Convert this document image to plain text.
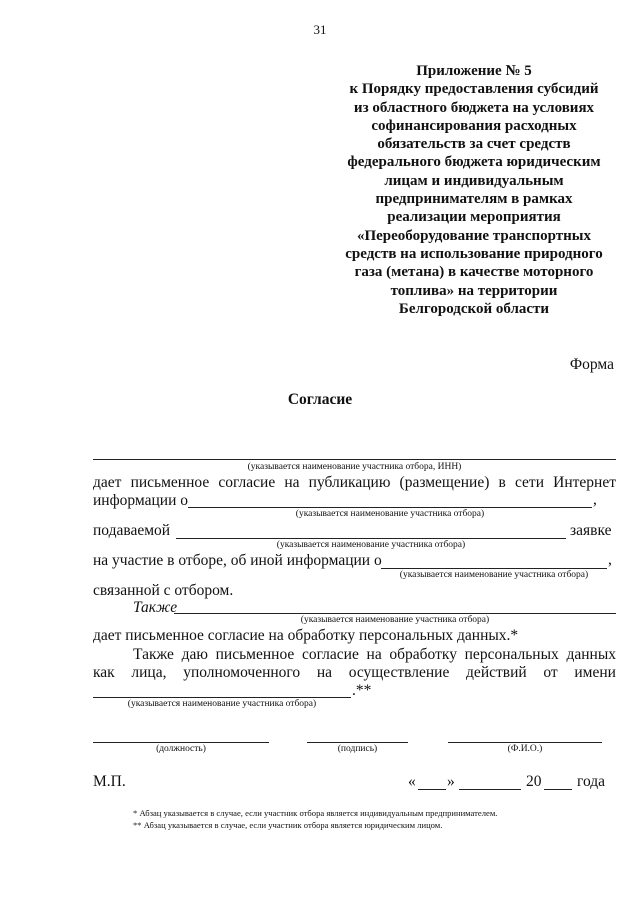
31
Приложение № 5
к Порядку предоставления субсидий
из областного бюджета на условиях
софинансирования расходных
обязательств за счет средств
федерального бюджета юридическим
лицам и индивидуальным
предпринимателям в рамках
реализации мероприятия
«Переоборудование транспортных
средств на использование природного
газа (метана) в качестве моторного
топлива» на территории
Белгородской области
Форма
Согласие
(указывается наименование участника отбора, ИНН)
дает письменное согласие на публикацию (размещение) в сети Интернет
информации о	,
(указывается наименование участника отбора)
подаваемой	заявке
(указывается наименование участника отбора)
на участие в отборе, об иной информации о	,
(указывается наименование участника отбора)
связанной с отбором.
Также
(указывается наименование участника отбора)
дает письменное согласие на обработку персональных данных.*
Также даю письменное согласие на обработку персональных данных
как лица, уполномоченного на осуществление действий от имени
.**
(указывается наименование участника отбора)
(должность)	(подпись)	(Ф.И.О.)
М.П.	« »	20 года
* Абзац указывается в случае, если участник отбора является индивидуальным предпринимателем.
** Абзац указывается в случае, если участник отбора является юридическим лицом.
